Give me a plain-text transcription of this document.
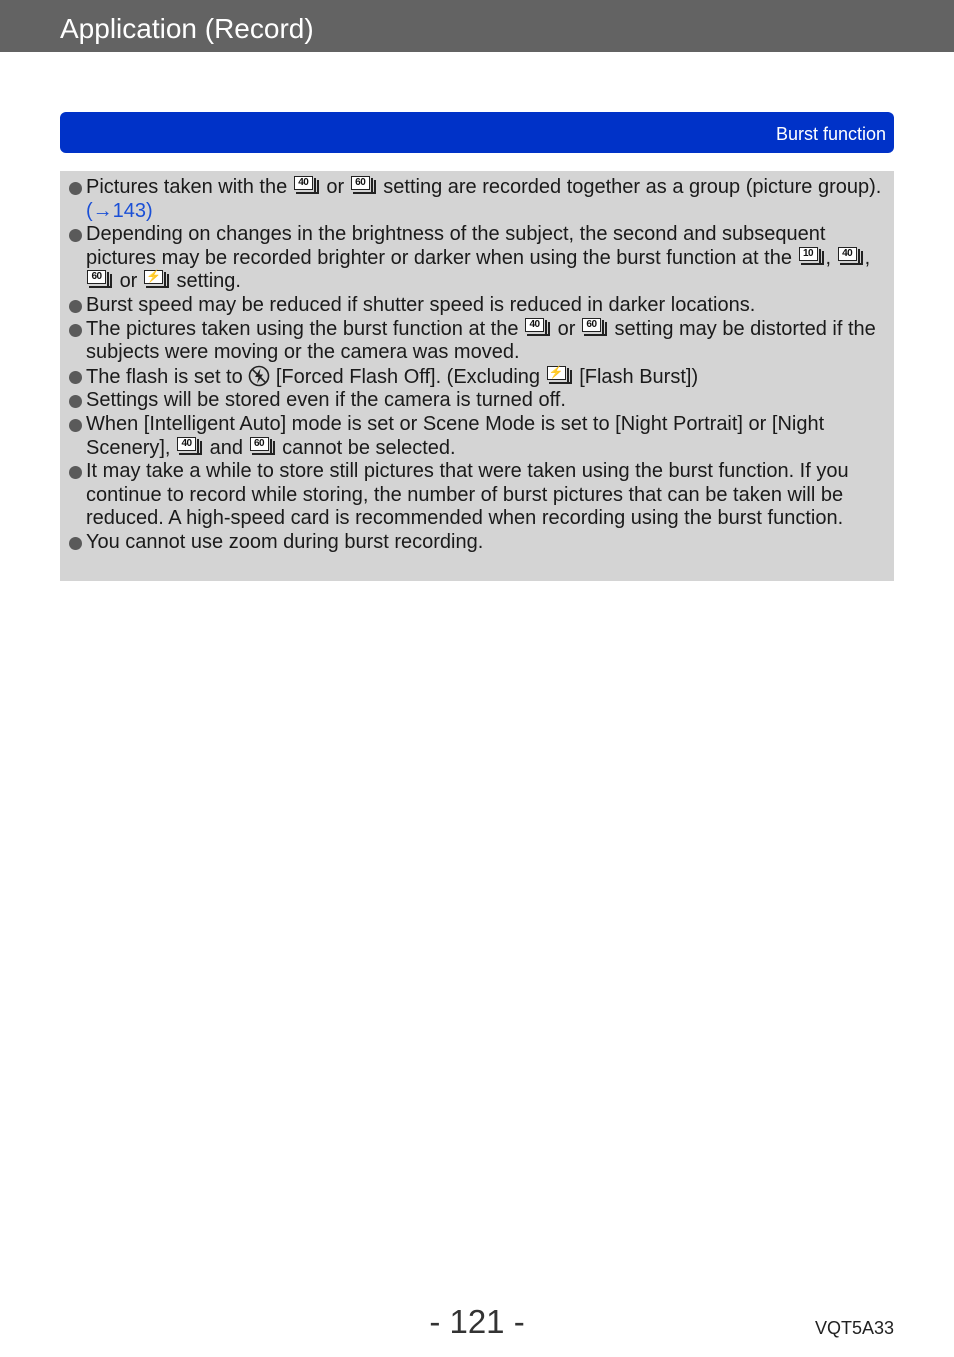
Application (Record)
Burst function
Pictures taken with the	40 or	60 setting are recorded together as a group (picture group). (→143)
Depending on changes in the brightness of the subject, the second and subsequent pictures may be recorded brighter or darker when using the burst function at the	10 ,	40 ,
60 or ⚡ setting.
Burst speed may be reduced if shutter speed is reduced in darker locations.
The pictures taken using the burst function at the	40 or	60 setting may be distorted if the subjects were moving or the camera was moved.
The flash is set to [Forced Flash Off]. (Excluding ⚡ [Flash Burst])
Settings will be stored even if the camera is turned off.
When [Intelligent Auto] mode is set or Scene Mode is set to [Night Portrait] or [Night Scenery],	40 and	60 cannot be selected.
It may take a while to store still pictures that were taken using the burst function. If you continue to record while storing, the number of burst pictures that can be taken will be reduced. A high-speed card is recommended when recording using the burst function.
You cannot use zoom during burst recording.
- 121 -	VQT5A33
